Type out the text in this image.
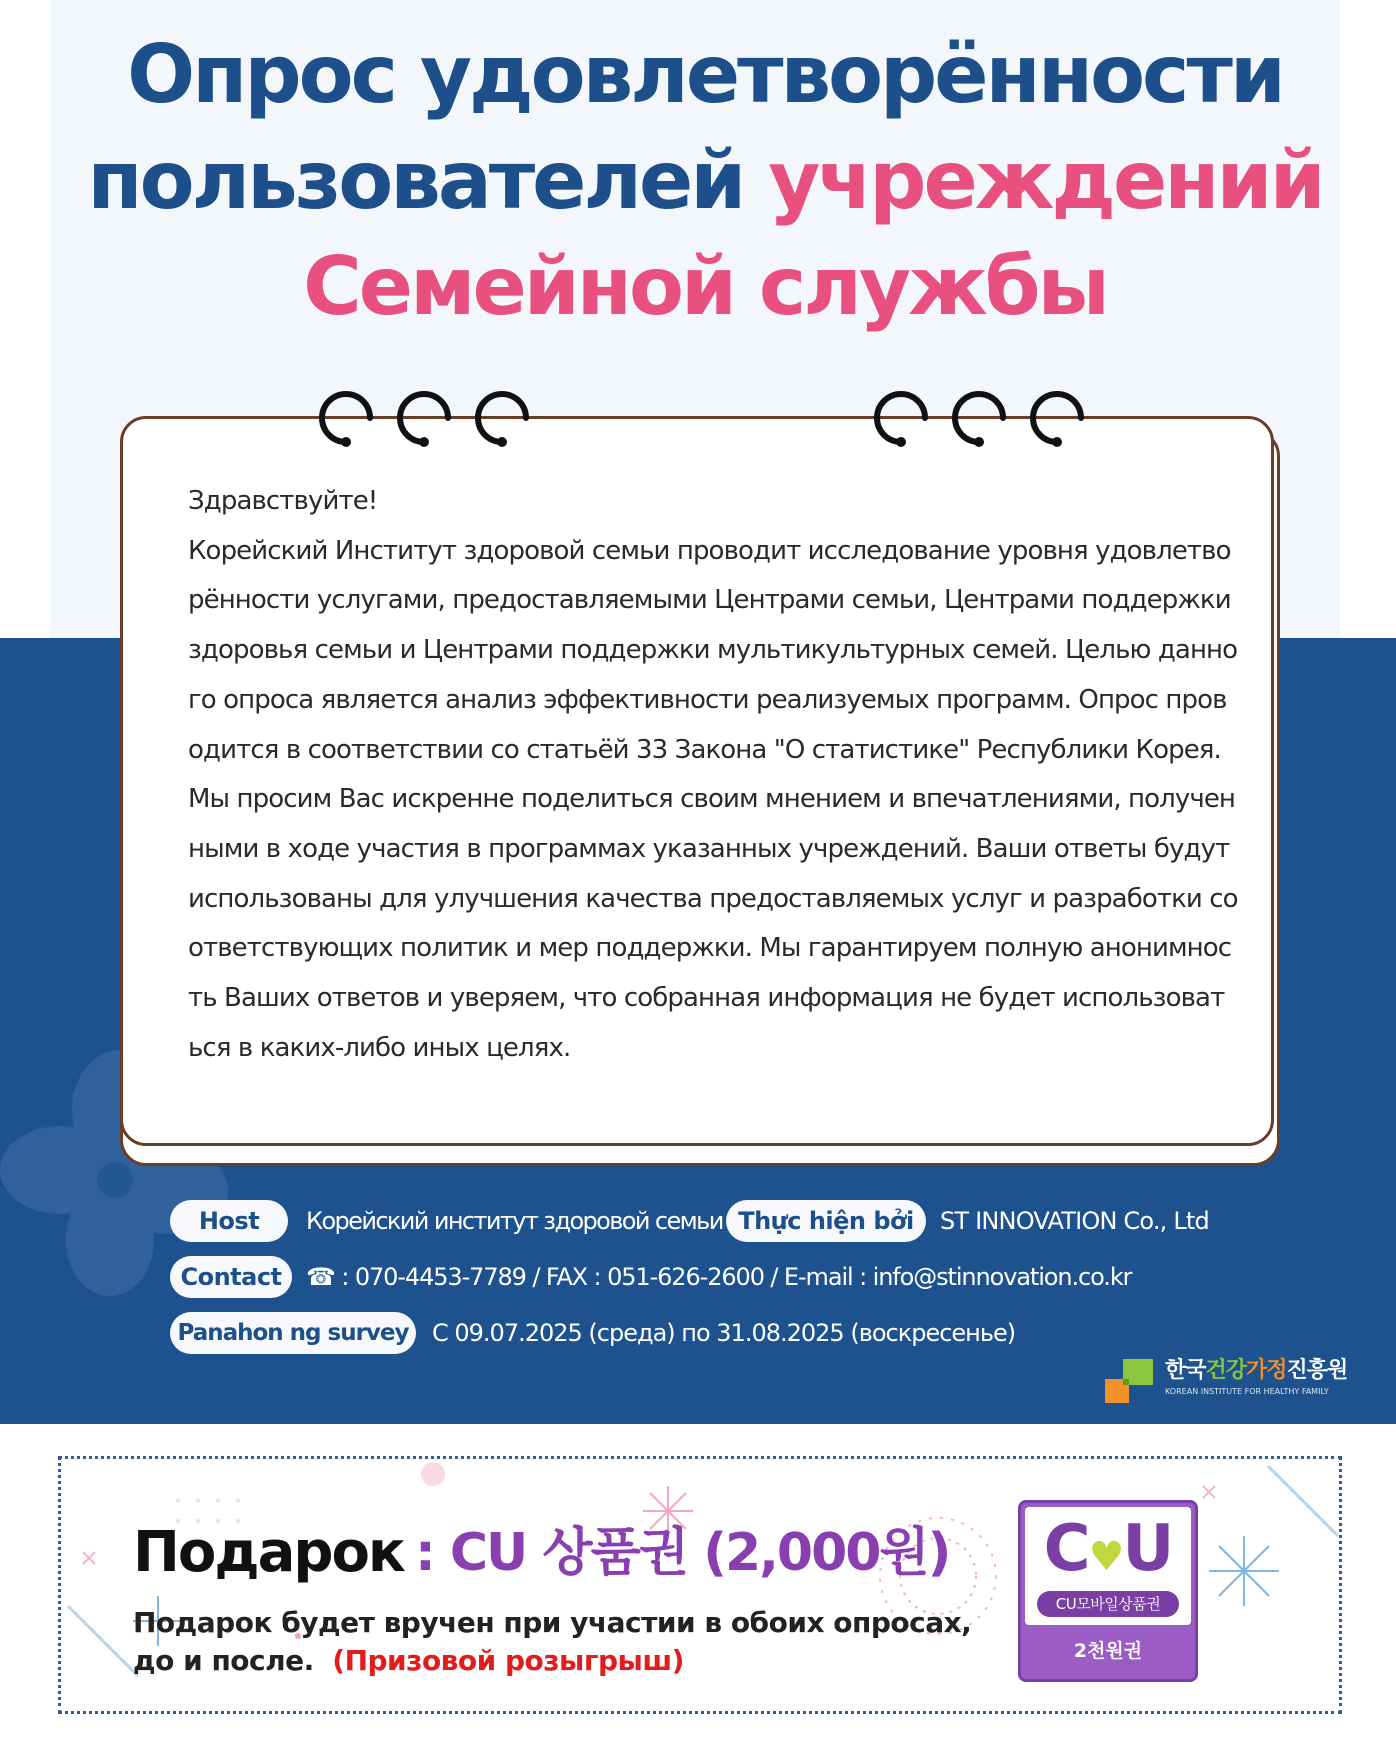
Опрос удовлетворённости пользователей учреждений Семейной службы

Здравствуйте!
Корейский Институт здоровой семьи проводит исследование уровня удовлетворённости услугами, предоставляемыми Центрами семьи, Центрами поддержки здоровья семьи и Центрами поддержки мультикультурных семей. Целью данного опроса является анализ эффективности реализуемых программ. Опрос проводится в соответствии со статьёй 33 Закона "О статистике" Республики Корея.
Мы просим Вас искренне поделиться своим мнением и впечатлениями, полученными в ходе участия в программах указанных учреждений. Ваши ответы будут использованы для улучшения качества предоставляемых услуг и разработки соответствующих политик и мер поддержки. Мы гарантируем полную анонимность Ваших ответов и уверяем, что собранная информация не будет использоваться в каких-либо иных целях.

Host	Корейский институт здоровой семьи Thực hiện bởi	ST INNOVATION Co., Ltd
Contact	☎ : 070-4453-7789 / FAX : 051-626-2600 / E-mail : info@stinnovation.co.kr
Panahon ng survey С 09.07.2025 (среда) по 31.08.2025 (воскресенье)
한국건강가정진흥원
KOREAN INSTITUTE FOR HEALTHY FAMILY
Подарок : CU 상품권 (2,000원)
Подарок будет вручен при участии в обоих опросах,
до и после. (Призовой розыгрыш)
C♥U
CU모바일상품권
2천원권
